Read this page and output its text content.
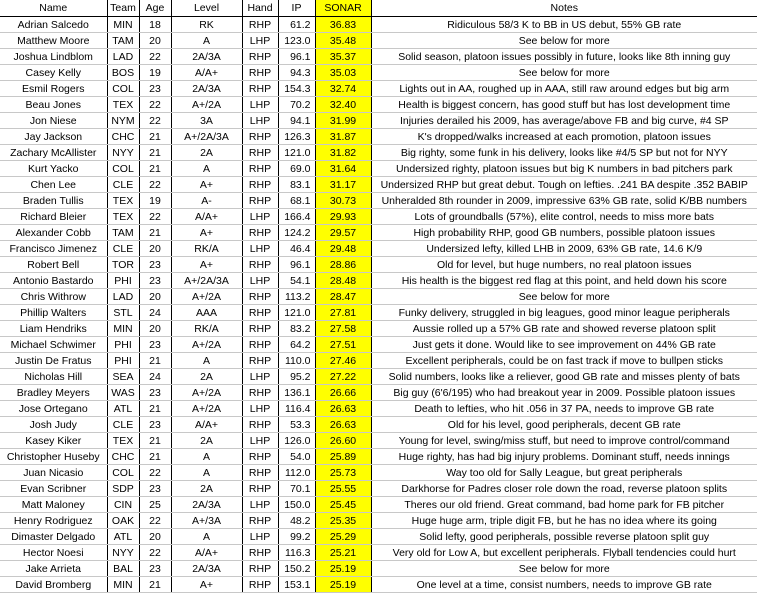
Name	Team	Age	Level	Hand	IP	SONAR	Notes
Adrian Salcedo	MIN	18	RK	RHP	61.2	36.83	Ridiculous 58/3 K to BB in US debut, 55% GB rate
Matthew Moore	TAM	20	A	LHP	123.0	35.48	See below for more
Joshua Lindblom	LAD	22	2A/3A	RHP	96.1	35.37	Solid season, platoon issues possibly in future, looks like 8th inning guy
Casey Kelly	BOS	19	A/A+	RHP	94.3	35.03	See below for more
Esmil Rogers	COL	23	2A/3A	RHP	154.3	32.74	Lights out in AA, roughed up in AAA, still raw around edges but big arm
Beau Jones	TEX	22	A+/2A	LHP	70.2	32.40	Health is biggest concern, has good stuff but has lost development time
Jon Niese	NYM	22	3A	LHP	94.1	31.99	Injuries derailed his 2009, has average/above FB and big curve, #4 SP
Jay Jackson	CHC	21	A+/2A/3A	RHP	126.3	31.87	K's dropped/walks increased at each promotion, platoon issues
Zachary McAllister	NYY	21	2A	RHP	121.0	31.82	Big righty, some funk in his delivery, looks like #4/5 SP but not for NYY
Kurt Yacko	COL	21	A	RHP	69.0	31.64	Undersized righty, platoon issues but big K numbers in bad pitchers park
Chen Lee	CLE	22	A+	RHP	83.1	31.17	Undersized RHP but great debut. Tough on lefties. .241 BA despite .352 BABIP
Braden Tullis	TEX	19	A-	RHP	68.1	30.73	Unheralded 8th rounder in 2009, impressive 63% GB rate, solid K/BB numbers
Richard Bleier	TEX	22	A/A+	LHP	166.4	29.93	Lots of groundballs (57%), elite control, needs to miss more bats
Alexander Cobb	TAM	21	A+	RHP	124.2	29.57	High probability RHP, good GB numbers, possible platoon issues
Francisco Jimenez	CLE	20	RK/A	LHP	46.4	29.48	Undersized lefty, killed LHB in 2009, 63% GB rate, 14.6 K/9
Robert Bell	TOR	23	A+	RHP	96.1	28.86	Old for level, but huge numbers, no real platoon issues
Antonio Bastardo	PHI	23	A+/2A/3A	LHP	54.1	28.48	His health is the biggest red flag at this point, and held down his score
Chris Withrow	LAD	20	A+/2A	RHP	113.2	28.47	See below for more
Phillip Walters	STL	24	AAA	RHP	121.0	27.81	Funky delivery, struggled in big leagues, good minor league peripherals
Liam Hendriks	MIN	20	RK/A	RHP	83.2	27.58	Aussie rolled up a 57% GB rate and showed reverse platoon split
Michael Schwimer	PHI	23	A+/2A	RHP	64.2	27.51	Just gets it done. Would like to see improvement on 44% GB rate
Justin De Fratus	PHI	21	A	RHP	110.0	27.46	Excellent peripherals, could be on fast track if move to bullpen sticks
Nicholas Hill	SEA	24	2A	LHP	95.2	27.22	Solid numbers, looks like a reliever, good GB rate and misses plenty of bats
Bradley Meyers	WAS	23	A+/2A	RHP	136.1	26.66	Big guy (6'6/195) who had breakout year in 2009. Possible platoon issues
Jose Ortegano	ATL	21	A+/2A	LHP	116.4	26.63	Death to lefties, who hit .056 in 37 PA, needs to improve GB rate
Josh Judy	CLE	23	A/A+	RHP	53.3	26.63	Old for his level, good peripherals, decent GB rate
Kasey Kiker	TEX	21	2A	LHP	126.0	26.60	Young for level, swing/miss stuff, but need to improve control/command
Christopher Huseby	CHC	21	A	RHP	54.0	25.89	Huge righty, has had big injury problems. Dominant stuff, needs innings
Juan Nicasio	COL	22	A	RHP	112.0	25.73	Way too old for Sally League, but great peripherals
Evan Scribner	SDP	23	2A	RHP	70.1	25.55	Darkhorse for Padres closer role down the road, reverse platoon splits
Matt Maloney	CIN	25	2A/3A	LHP	150.0	25.45	Theres our old friend. Great command, bad home park for FB pitcher
Henry Rodriguez	OAK	22	A+/3A	RHP	48.2	25.35	Huge huge arm, triple digit FB, but he has no idea where its going
Dimaster Delgado	ATL	20	A	LHP	99.2	25.29	Solid lefty, good peripherals, possible reverse platoon split guy
Hector Noesi	NYY	22	A/A+	RHP	116.3	25.21	Very old for Low A, but excellent peripherals. Flyball tendencies could hurt
Jake Arrieta	BAL	23	2A/3A	RHP	150.2	25.19	See below for more
David Bromberg	MIN	21	A+	RHP	153.1	25.19	One level at a time, consist numbers, needs to improve GB rate
